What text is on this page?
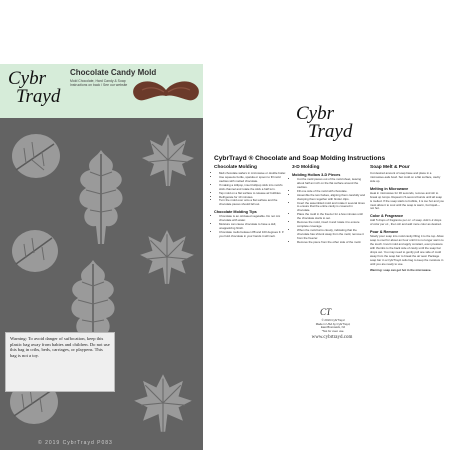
Cybr
Trayd
Chocolate Candy Mold
Mold Chocolate, Hard Candy & Soap
Instructions on back / See our website
Warning: To avoid danger of suffocation, keep this plastic bag away from babies and children. Do not use this bag in cribs, beds, carriages, or playpens. This bag is not a toy.
© 2019 CybrTrayd P083
Cybr
Trayd
CybrTrayd ® Chocolate and Soap Molding Instructions
Chocolate Molding
• Melt chocolate wafers in microwave or double boiler.
• Use squeeze bottle, spatula or spoon to fill mold cavities with melted chocolate.
• If making a lollipop, insert lollipop stick into mold's stick channel and rotate the stick a half turn.
• Tap mold on a flat surface to release air bubbles.
• Refrigerate for 10 minutes.
• Turn the mold over onto a flat surface and the chocolate pieces should fall out.
Chocolate Molding Tips
• Chocolate is an oil-based vegetable. Do not mix chocolate with water.
• Moisture can cause chocolate to have a dull, unappetizing finish.
• Chocolate melts between 88 and 100 degrees F. If you hold chocolate in your hands it will melt.
3-D Molding
Molding Hollow 3-D Pieces
• Cut the mold pieces out of the mold sheet, leaving about half an inch on the flat surface around the cavities.
• Fill one side of the mold with chocolate.
• Assemble the two halves, aligning them carefully and clamping them together with binder clips.
• Invert the assembled mold and rotate it several times to ensure that the entire cavity is covered in chocolate.
• Place the mold in the freezer for a few minutes until the chocolate starts to set.
• Remove the mold, invert it and rotate it to ensure complete coverage.
• When the mold turns cloudy, indicating that the chocolate has shrunk away from the mold, remove it from the freezer.
• Remove the piece from the other side of the mold.
Soap Melt & Pour
Cut desired amount of soap base and place in a microwave-safe bowl. Set mold on a flat surface, cavity side up.
Melting in Microwave
Heat in microwave for 30 seconds, remove and stir to break up lumps. Repeat in 5-second bursts until all soap is melted. If the soap starts to bubble, it is too hot and you must allow it to cool until the soap is warm, but liquid—not hot.
Color & Fragrance
Add 5 drops of fragrance per oz. of soap. Add 1-2 drops of color per oz., then stir and add more color as desired.
Pour & Remove
Slowly pour soap into mold cavity filling it to the top. Allow soap to cool for about an hour until it is no longer warm to the touch. Invert mold and apply constant, even pressure with thumbs to the back side of cavity until the soap bar drops out. You may need to gently pull one side of mold away from the soap bar to break the air seal. Package soap bar in a CybrTrayd cello bag to keep the moisture in until you are ready to use.
Warning: soap can get hot in the microwave.
CT
© 2019 CybrTrayd
Made in USA by CybrTrayd,
East Brunswick, NJ
*Not for oven use.
www.cybrtrayd.com
